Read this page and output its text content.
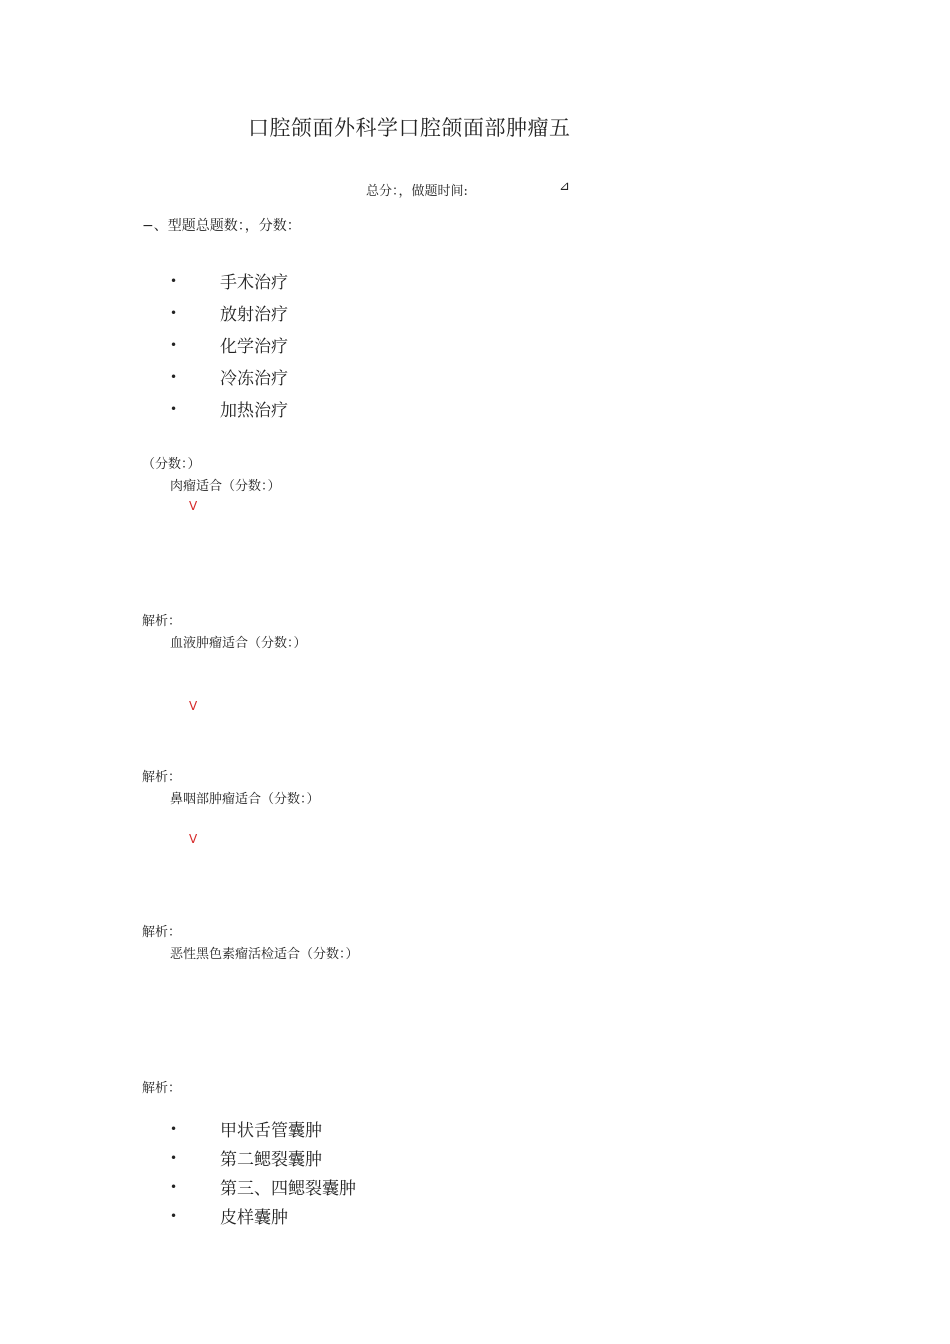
口腔颌面外科学口腔颌面部肿瘤五
总分：，做题时间:	⊿
−、型题总题数：，分数：
•	手术治疗
•	放射治疗
•	化学治疗
•	冷冻治疗
•	加热治疗
（分数：）
肉瘤适合（分数：）
V
解析：
血液肿瘤适合（分数：）
V
解析：
鼻咽部肿瘤适合（分数：）
V
解析：
恶性黑色素瘤活检适合（分数：）
解析：
•	甲状舌管囊肿
•	第二鳃裂囊肿
•	第三、四鳃裂囊肿
•	皮样囊肿
